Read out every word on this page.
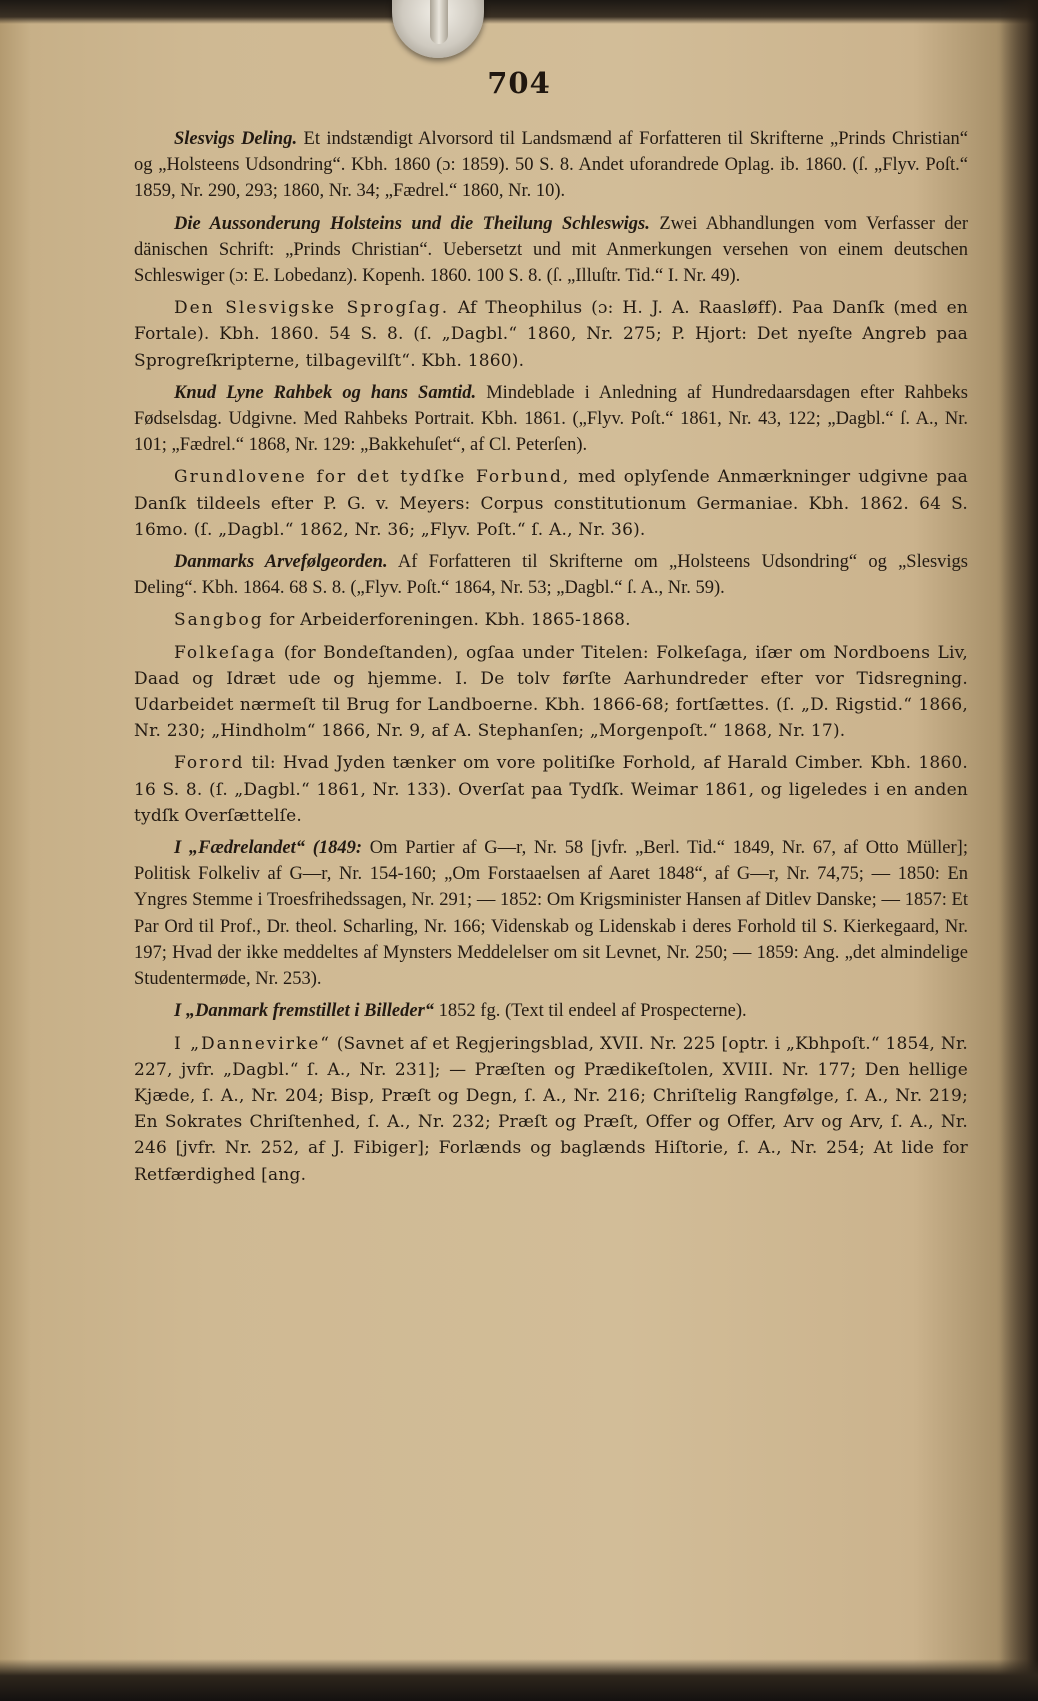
704

Slesvigs Deling. Et indstændigt Alvorsord til Landsmænd af Forfatteren til Skrifterne „Prinds Christian“ og „Holsteens Udsondring“. Kbh. 1860 (ɔ: 1859). 50 S. 8. Andet uforandrede Oplag. ib. 1860. (ſ. „Flyv. Poſt.“ 1859, Nr. 290, 293; 1860, Nr. 34; „Fædrel.“ 1860, Nr. 10).

Die Aussonderung Holsteins und die Theilung Schleswigs. Zwei Abhandlungen vom Verfasser der dänischen Schrift: „Prinds Christian“. Uebersetzt und mit Anmerkungen versehen von einem deutschen Schleswiger (ɔ: E. Lobedanz). Kopenh. 1860. 100 S. 8. (ſ. „Illuſtr. Tid.“ I. Nr. 49).

Den Slesvigske Sprogſag. Af Theophilus (ɔ: H. J. A. Raasløff). Paa Danſk (med en Fortale). Kbh. 1860. 54 S. 8. (ſ. „Dagbl.“ 1860, Nr. 275; P. Hjort: Det nyeſte Angreb paa Sprogreſkripterne, tilbagevilſt“. Kbh. 1860).

Knud Lyne Rahbek og hans Samtid. Mindeblade i Anledning af Hundredaarsdagen efter Rahbeks Fødselsdag. Udgivne. Med Rahbeks Portrait. Kbh. 1861. („Flyv. Poſt.“ 1861, Nr. 43, 122; „Dagbl.“ ſ. A., Nr. 101; „Fædrel.“ 1868, Nr. 129: „Bakkehuſet“, af Cl. Peterſen).

Grundlovene for det tydſke Forbund, med oplyſende Anmærkninger udgivne paa Danſk tildeels efter P. G. v. Meyers: Corpus constitutionum Germaniae. Kbh. 1862. 64 S. 16mo. (ſ. „Dagbl.“ 1862, Nr. 36; „Flyv. Poſt.“ ſ. A., Nr. 36).

Danmarks Arvefølgeorden. Af Forfatteren til Skrifterne om „Holsteens Udsondring“ og „Slesvigs Deling“. Kbh. 1864. 68 S. 8. („Flyv. Poſt.“ 1864, Nr. 53; „Dagbl.“ ſ. A., Nr. 59).

Sangbog for Arbeiderforeningen. Kbh. 1865-1868.

Folkeſaga (for Bondeſtanden), ogſaa under Titelen: Folkeſaga, iſær om Nordboens Liv, Daad og Idræt ude og hjemme. I. De tolv førſte Aarhundreder efter vor Tidsregning. Udarbeidet nærmeſt til Brug for Landboerne. Kbh. 1866-68; fortſættes. (ſ. „D. Rigstid.“ 1866, Nr. 230; „Hindholm“ 1866, Nr. 9, af A. Stephanſen; „Morgenpoſt.“ 1868, Nr. 17).

Forord til: Hvad Jyden tænker om vore politiſke Forhold, af Harald Cimber. Kbh. 1860. 16 S. 8. (ſ. „Dagbl.“ 1861, Nr. 133). Overſat paa Tydſk. Weimar 1861, og ligeledes i en anden tydſk Overſættelſe.

I „Fædrelandet“ (1849: Om Partier af G—r, Nr. 58 [jvfr. „Berl. Tid.“ 1849, Nr. 67, af Otto Müller]; Politisk Folkeliv af G—r, Nr. 154-160; „Om Forstaaelsen af Aaret 1848“, af G—r, Nr. 74,75; — 1850: En Yngres Stemme i Troesfrihedssagen, Nr. 291; — 1852: Om Krigsminister Hansen af Ditlev Danske; — 1857: Et Par Ord til Prof., Dr. theol. Scharling, Nr. 166; Videnskab og Lidenskab i deres Forhold til S. Kierkegaard, Nr. 197; Hvad der ikke meddeltes af Mynsters Meddelelser om sit Levnet, Nr. 250; — 1859: Ang. „det almindelige Studentermøde, Nr. 253).

I „Danmark fremstillet i Billeder“ 1852 fg. (Text til endeel af Prospecterne).

I „Dannevirke“ (Savnet af et Regjeringsblad, XVII. Nr. 225 [optr. i „Kbhpoſt.“ 1854, Nr. 227, jvfr. „Dagbl.“ ſ. A., Nr. 231]; — Præſten og Prædikeſtolen, XVIII. Nr. 177; Den hellige Kjæde, ſ. A., Nr. 204; Bisp, Præſt og Degn, ſ. A., Nr. 216; Chriſtelig Rangfølge, ſ. A., Nr. 219; En Sokrates Chriſtenhed, ſ. A., Nr. 232; Præſt og Præſt, Offer og Offer, Arv og Arv, ſ. A., Nr. 246 [jvfr. Nr. 252, af J. Fibiger]; Forlænds og baglænds Hiſtorie, ſ. A., Nr. 254; At lide for Retfærdighed [ang.
